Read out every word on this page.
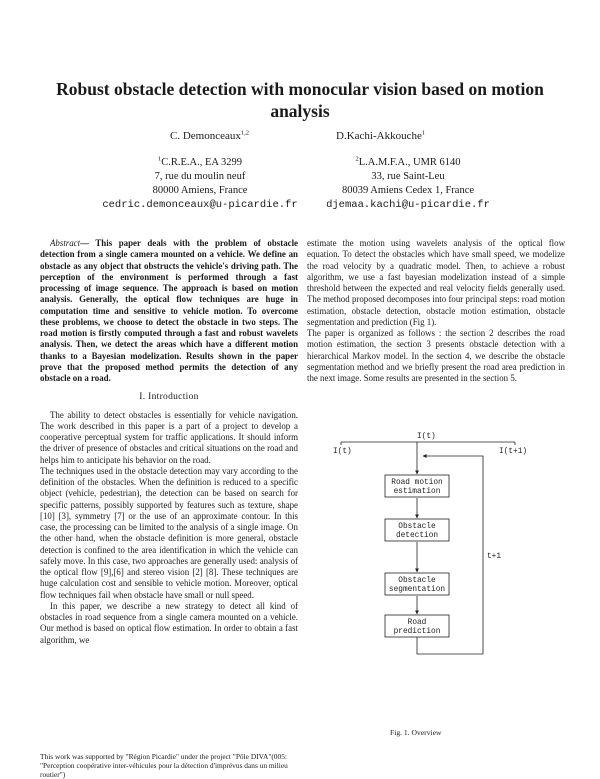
Robust obstacle detection with monocular vision based on motion analysis
C. Demonceaux$^{1,2}$	D.Kachi-Akkouche$^1$
$^1$C.R.E.A., EA 3299
7, rue du moulin neuf
80000 Amiens, France
cedric.demonceaux@u-picardie.fr
$^2$L.A.M.F.A., UMR 6140
33, rue Saint-Leu
80039 Amiens Cedex 1, France
djemaa.kachi@u-picardie.fr

Abstract— This paper deals with the problem of obstacle detection from a single camera mounted on a vehicle. We define an obstacle as any object that obstructs the vehicle's driving path. The perception of the environment is performed through a fast processing of image sequence. The approach is based on motion analysis. Generally, the optical flow techniques are huge in computation time and sensitive to vehicle motion. To overcome these problems, we choose to detect the obstacle in two steps. The road motion is firstly computed through a fast and robust wavelets analysis. Then, we detect the areas which have a different motion thanks to a Bayesian modelization. Results shown in the paper prove that the proposed method permits the detection of any obstacle on a road.

I. Introduction

The ability to detect obstacles is essentially for vehicle navigation. The work described in this paper is a part of a project to develop a cooperative perceptual system for traffic applications. It should inform the driver of presence of obstacles and critical situations on the road and helps him to anticipate his behavior on the road.

The techniques used in the obstacle detection may vary according to the definition of the obstacles. When the definition is reduced to a specific object (vehicle, pedestrian), the detection can be based on search for specific patterns, possibly supported by features such as texture, shape [10] [3], symmetry [7] or the use of an approximate contour. In this case, the processing can be limited to the analysis of a single image. On the other hand, when the obstacle definition is more general, obstacle detection is confined to the area identification in which the vehicle can safely move. In this case, two approaches are generally used: analysis of the optical flow [9],[6] and stereo vision [2] [8]. These techniques are huge calculation cost and sensible to vehicle motion. Moreover, optical flow techniques fail when obstacle have small or null speed.

In this paper, we describe a new strategy to detect all kind of obstacles in road sequence from a single camera mounted on a vehicle. Our method is based on optical flow estimation. In order to obtain a fast algorithm, we

This work was supported by "Région Picardie" under the project "Pôle DIVA"(005: "Perception coopérative inter-véhicules pour la détection d'imprévus dans un milieu routier")

estimate the motion using wavelets analysis of the optical flow equation. To detect the obstacles which have small speed, we modelize the road velocity by a quadratic model. Then, to achieve a robust algorithm, we use a fast bayesian modelization instead of a simple threshold between the expected and real velocity fields generally used. The method proposed decomposes into four principal steps: road motion estimation, obstacle detection, obstacle motion estimation, obstacle segmentation and prediction (Fig 1).

The paper is organized as follows : the section 2 describes the road motion estimation, the section 3 presents obstacle detection with a hierarchical Markov model. In the section 4, we describe the obstacle segmentation method and we briefly present the road area prediction in the next image. Some results are presented in the section 5.

I(t)
I(t)	I(t+1)
Road motion
estimation
Obstacle
detection
Obstacle
segmentation
Road
prediction
t+1
Fig. 1. Overview
